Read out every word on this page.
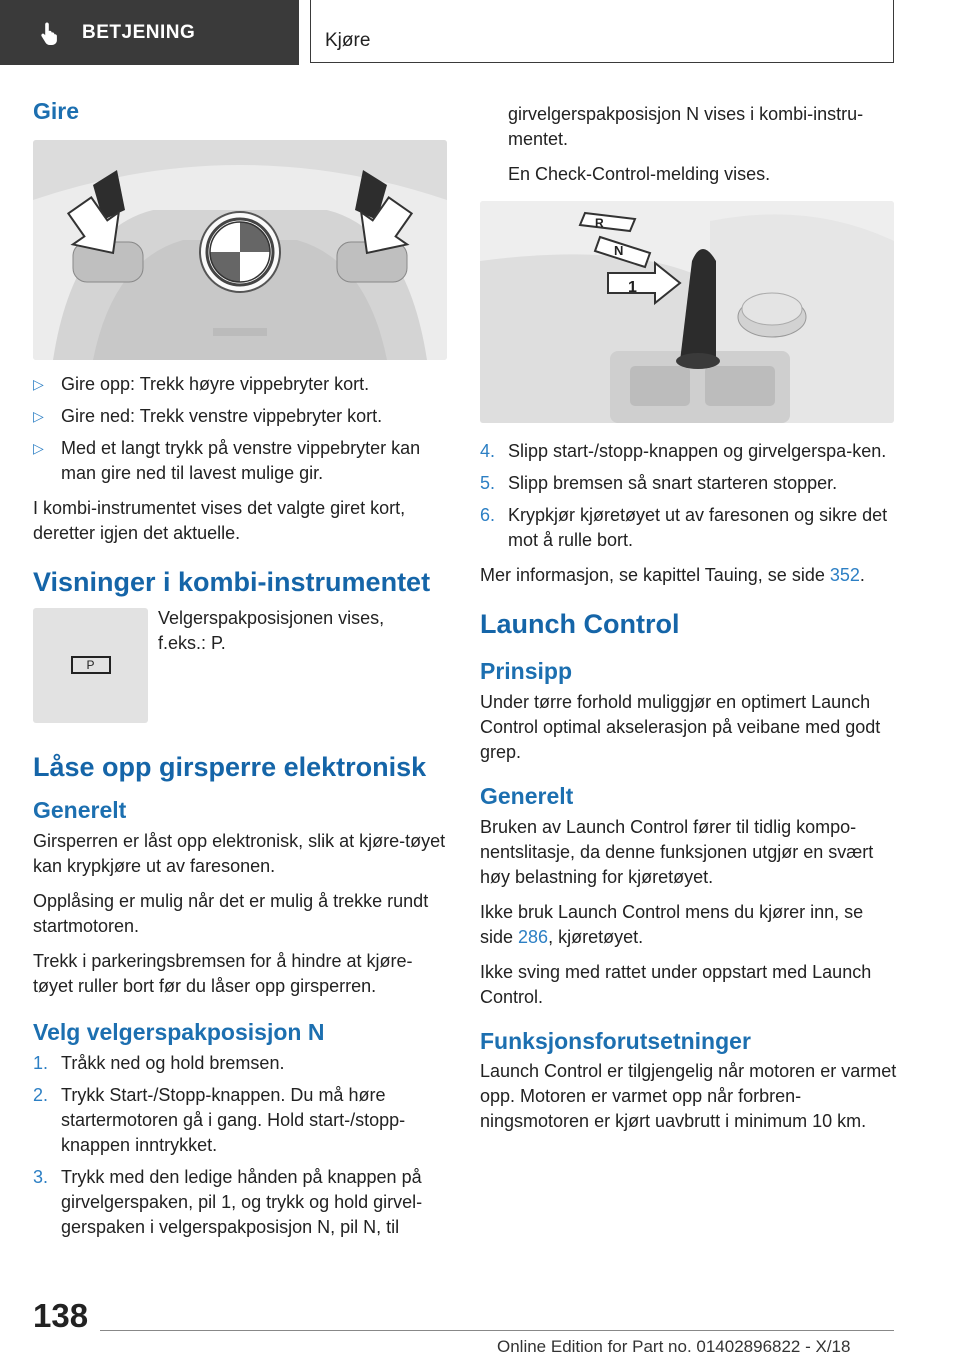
BETJENING	Kjøre
Gire
▷ Gire opp: Trekk høyre vippebryter kort.
▷ Gire ned: Trekk venstre vippebryter kort.
▷ Med et langt trykk på venstre vippebryter kan man gire ned til lavest mulige gir.

I kombi-instrumentet vises det valgte giret kort, deretter igjen det aktuelle.

Visninger i kombi-instrumentet
P

Velgerspakposisjonen vises, f.eks.: P.

Låse opp girsperre elektronisk
Generelt

Girsperren er låst opp elektronisk, slik at kjøre-tøyet kan krypkjøre ut av faresonen.

Opplåsing er mulig når det er mulig å trekke rundt startmotoren.

Trekk i parkeringsbremsen for å hindre at kjøre-tøyet ruller bort før du låser opp girsperren.

Velg velgerspakposisjon N
1. Tråkk ned og hold bremsen.
2. Trykk Start-/Stopp-knappen. Du må høre startermotoren gå i gang. Hold start-/stopp-knappen inntrykket.
3. Trykk med den ledige hånden på knappen på girvelgerspaken, pil 1, og trykk og hold girvel-gerspaken i velgerspakposisjon N, pil N, til

girvelgerspakposisjon N vises i kombi-instru-mentet.

En Check-Control-melding vises.

R
N
1
4. Slipp start-/stopp-knappen og girvelgerspa-ken.
5. Slipp bremsen så snart starteren stopper.
6. Krypkjør kjøretøyet ut av faresonen og sikre det mot å rulle bort.

Mer informasjon, se kapittel Tauing, se side 352.

Launch Control
Prinsipp

Under tørre forhold muliggjør en optimert Launch Control optimal akselerasjon på veibane med godt grep.

Generelt

Bruken av Launch Control fører til tidlig kompo-nentslitasje, da denne funksjonen utgjør en svært høy belastning for kjøretøyet.

Ikke bruk Launch Control mens du kjører inn, se side 286, kjøretøyet.

Ikke sving med rattet under oppstart med Launch Control.

Funksjonsforutsetninger

Launch Control er tilgjengelig når motoren er varmet opp. Motoren er varmet opp når forbren-ningsmotoren er kjørt uavbrutt i minimum 10 km.

138
Online Edition for Part no. 01402896822 - X/18
